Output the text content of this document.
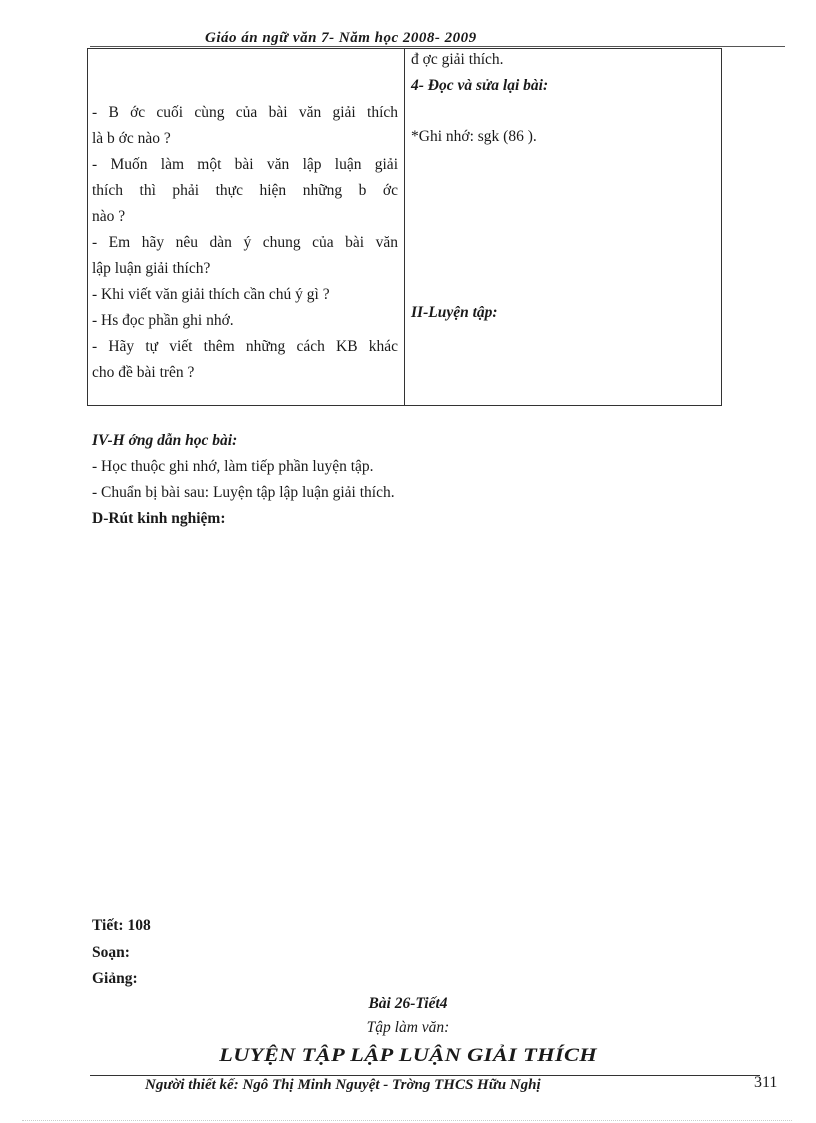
Giáo án ngữ văn 7- Năm học 2008- 2009
đ ợc giải thích.
4- Đọc và sửa lại bài:
*Ghi nhớ: sgk (86 ).
II-Luyện tập:
- B ớc cuối cùng của bài văn giải thích
là b ớc nào ?
- Muốn làm một bài văn lập luận giải
thích thì phải thực hiện những b ớc
nào ?
- Em hãy nêu dàn ý chung của bài văn
lập luận giải thích?
- Khi viết văn giải thích cần chú ý gì ?
- Hs đọc phần ghi nhớ.
- Hãy tự viết thêm những cách KB khác
cho đề bài trên ?
IV-H ớng dẫn học bài:
- Học thuộc ghi nhớ, làm tiếp phần luyện tập.
- Chuẩn bị bài sau: Luyện tập lập luận giải thích.
D-Rút kinh nghiệm:
Tiết: 108
Soạn:
Giảng:
Bài 26-Tiết4
Tập làm văn:
LUYỆN TẬP LẬP LUẬN GIẢI THÍCH
Người thiết kế: Ngô Thị Minh Nguyệt - Trờng THCS Hữu Nghị	311
